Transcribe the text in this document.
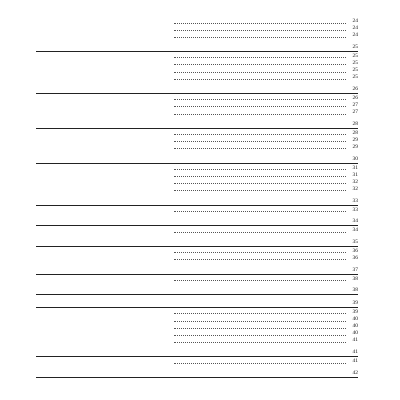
24
24
24
25
25
25
25
25
26
26
27
27
28
28
29
29
30
31
31
32
32
33
33
34
34
35
36
36
37
38
38
39
39
40
40
40
41
41
41
42
